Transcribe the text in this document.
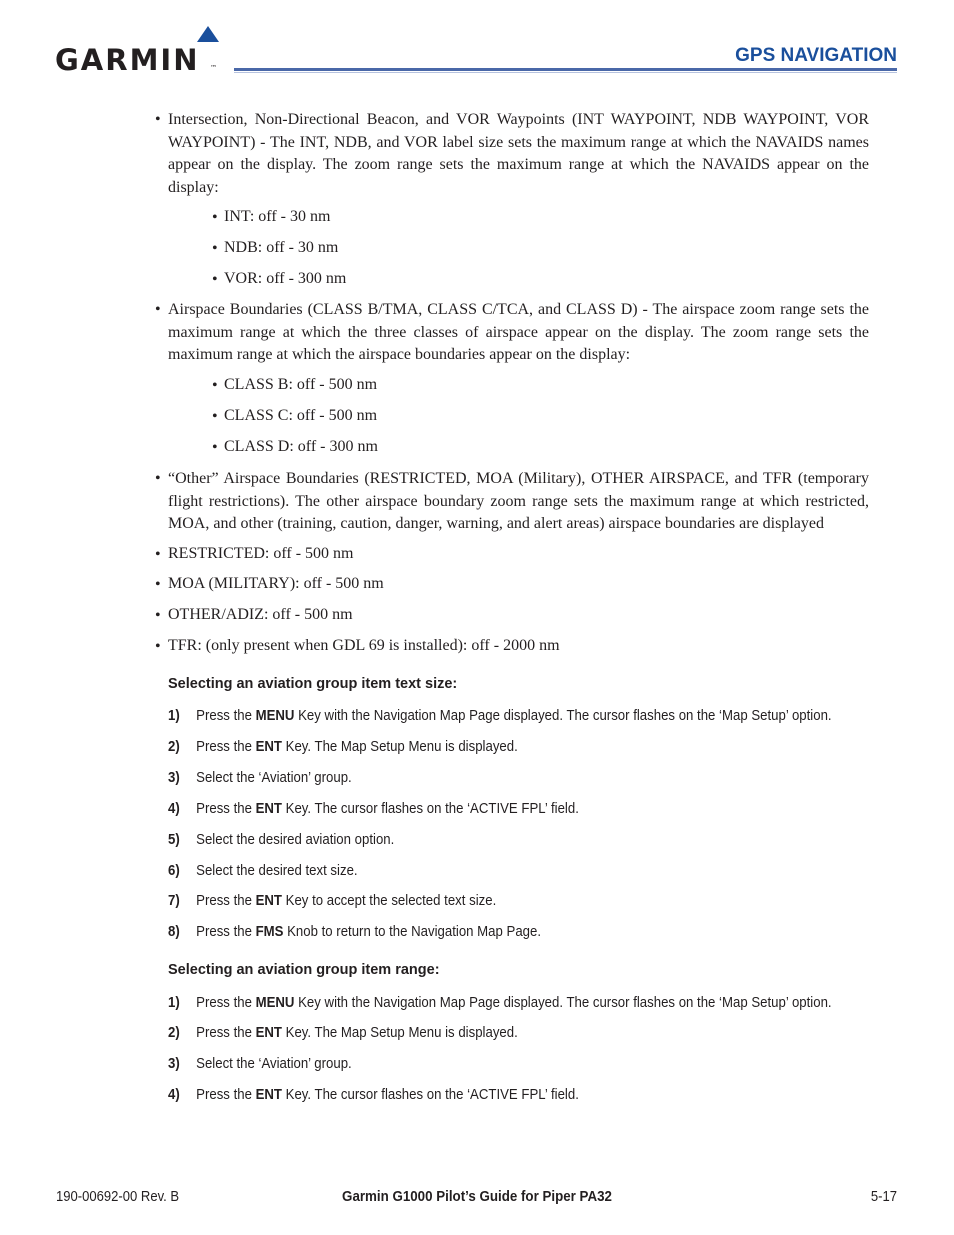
GARMIN ™
GPS NAVIGATION
• Intersection, Non-Directional Beacon, and VOR Waypoints (INT WAYPOINT, NDB WAYPOINT, VOR WAYPOINT) - The INT, NDB, and VOR label size sets the maximum range at which the NAVAIDS names appear on the display. The zoom range sets the maximum range at which the NAVAIDS appear on the display:
• INT: off - 30 nm
• NDB: off - 30 nm
• VOR: off - 300 nm
• Airspace Boundaries (CLASS B/TMA, CLASS C/TCA, and CLASS D) - The airspace zoom range sets the maximum range at which the three classes of airspace appear on the display. The zoom range sets the maximum range at which the airspace boundaries appear on the display:
• CLASS B: off - 500 nm
• CLASS C: off - 500 nm
• CLASS D: off - 300 nm
• “Other” Airspace Boundaries (RESTRICTED, MOA (Military), OTHER AIRSPACE, and TFR (temporary flight restrictions). The other airspace boundary zoom range sets the maximum range at which restricted, MOA, and other (training, caution, danger, warning, and alert areas) airspace boundaries are displayed
• RESTRICTED: off - 500 nm
• MOA (MILITARY): off - 500 nm
• OTHER/ADIZ: off - 500 nm
• TFR: (only present when GDL 69 is installed): off - 2000 nm
Selecting an aviation group item text size:
1) Press the MENU Key with the Navigation Map Page displayed. The cursor flashes on the ‘Map Setup’ option.
2) Press the ENT Key. The Map Setup Menu is displayed.
3) Select the ‘Aviation’ group.
4) Press the ENT Key. The cursor flashes on the ‘ACTIVE FPL’ field.
5) Select the desired aviation option.
6) Select the desired text size.
7) Press the ENT Key to accept the selected text size.
8) Press the FMS Knob to return to the Navigation Map Page.
Selecting an aviation group item range:
1) Press the MENU Key with the Navigation Map Page displayed. The cursor flashes on the ‘Map Setup’ option.
2) Press the ENT Key. The Map Setup Menu is displayed.
3) Select the ‘Aviation’ group.
4) Press the ENT Key. The cursor flashes on the ‘ACTIVE FPL’ field.
190-00692-00 Rev. B	Garmin G1000 Pilot’s Guide for Piper PA32	5-17
